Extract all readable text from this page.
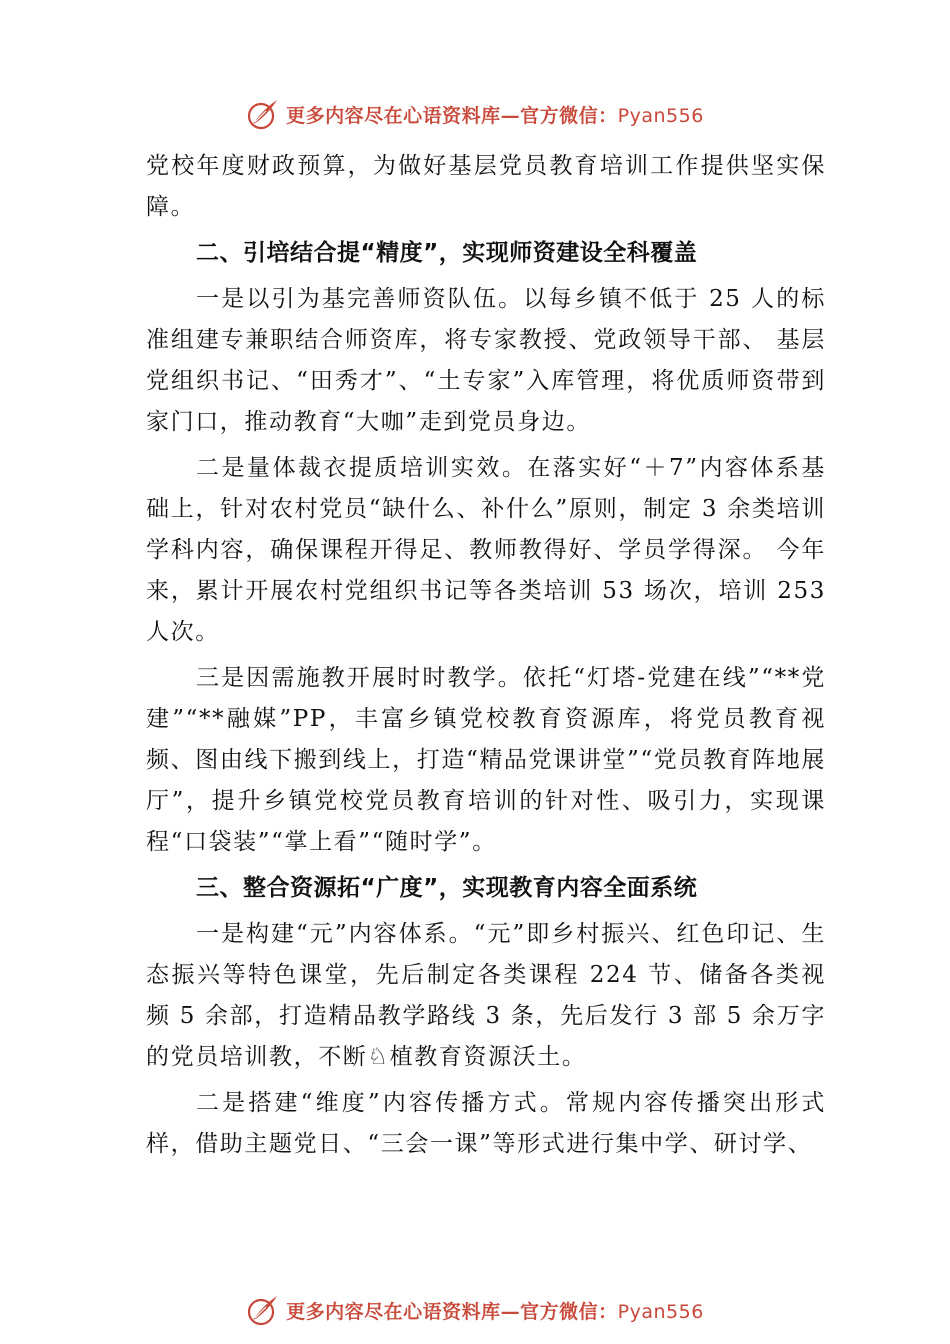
更多内容尽在心语资料库—官方微信：Pyan556

党校年度财政预算，为做好基层党员教育培训工作提供坚实保障。

二、引培结合提“精度”，实现师资建设全科覆盖

一是以引为基完善师资队伍。以每乡镇不低于 25 人的标准组建专兼职结合师资库，将专家教授、党政领导干部、 基层党组织书记、“田秀才”、“土专家”入库管理，将优质师资带到家门口，推动教育“大咖”走到党员身边。

二是量体裁衣提质培训实效。在落实好“＋7”内容体系基础上，针对农村党员“缺什么、补什么”原则，制定 3 余类培训学科内容，确保课程开得足、教师教得好、学员学得深。 今年来，累计开展农村党组织书记等各类培训 53 场次，培训 253 人次。

三是因需施教开展时时教学。依托“灯塔-党建在线”“**党建”“**融媒”PP，丰富乡镇党校教育资源库，将党员教育视频、图由线下搬到线上，打造“精品党课讲堂”“党员教育阵地展厅”，提升乡镇党校党员教育培训的针对性、吸引力，实现课程“口袋装”“掌上看”“随时学”。

三、整合资源拓“广度”，实现教育内容全面系统

一是构建“元”内容体系。“元”即乡村振兴、红色印记、生态振兴等特色课堂，先后制定各类课程 224 节、储备各类视频 5 余部，打造精品教学路线 3 条，先后发行 3 部 5 余万字的党员培训教，不断♘植教育资源沃土。

二是搭建“维度”内容传播方式。常规内容传播突出形式样，借助主题党日、“三会一课”等形式进行集中学、研讨学、

更多内容尽在心语资料库—官方微信：Pyan556
